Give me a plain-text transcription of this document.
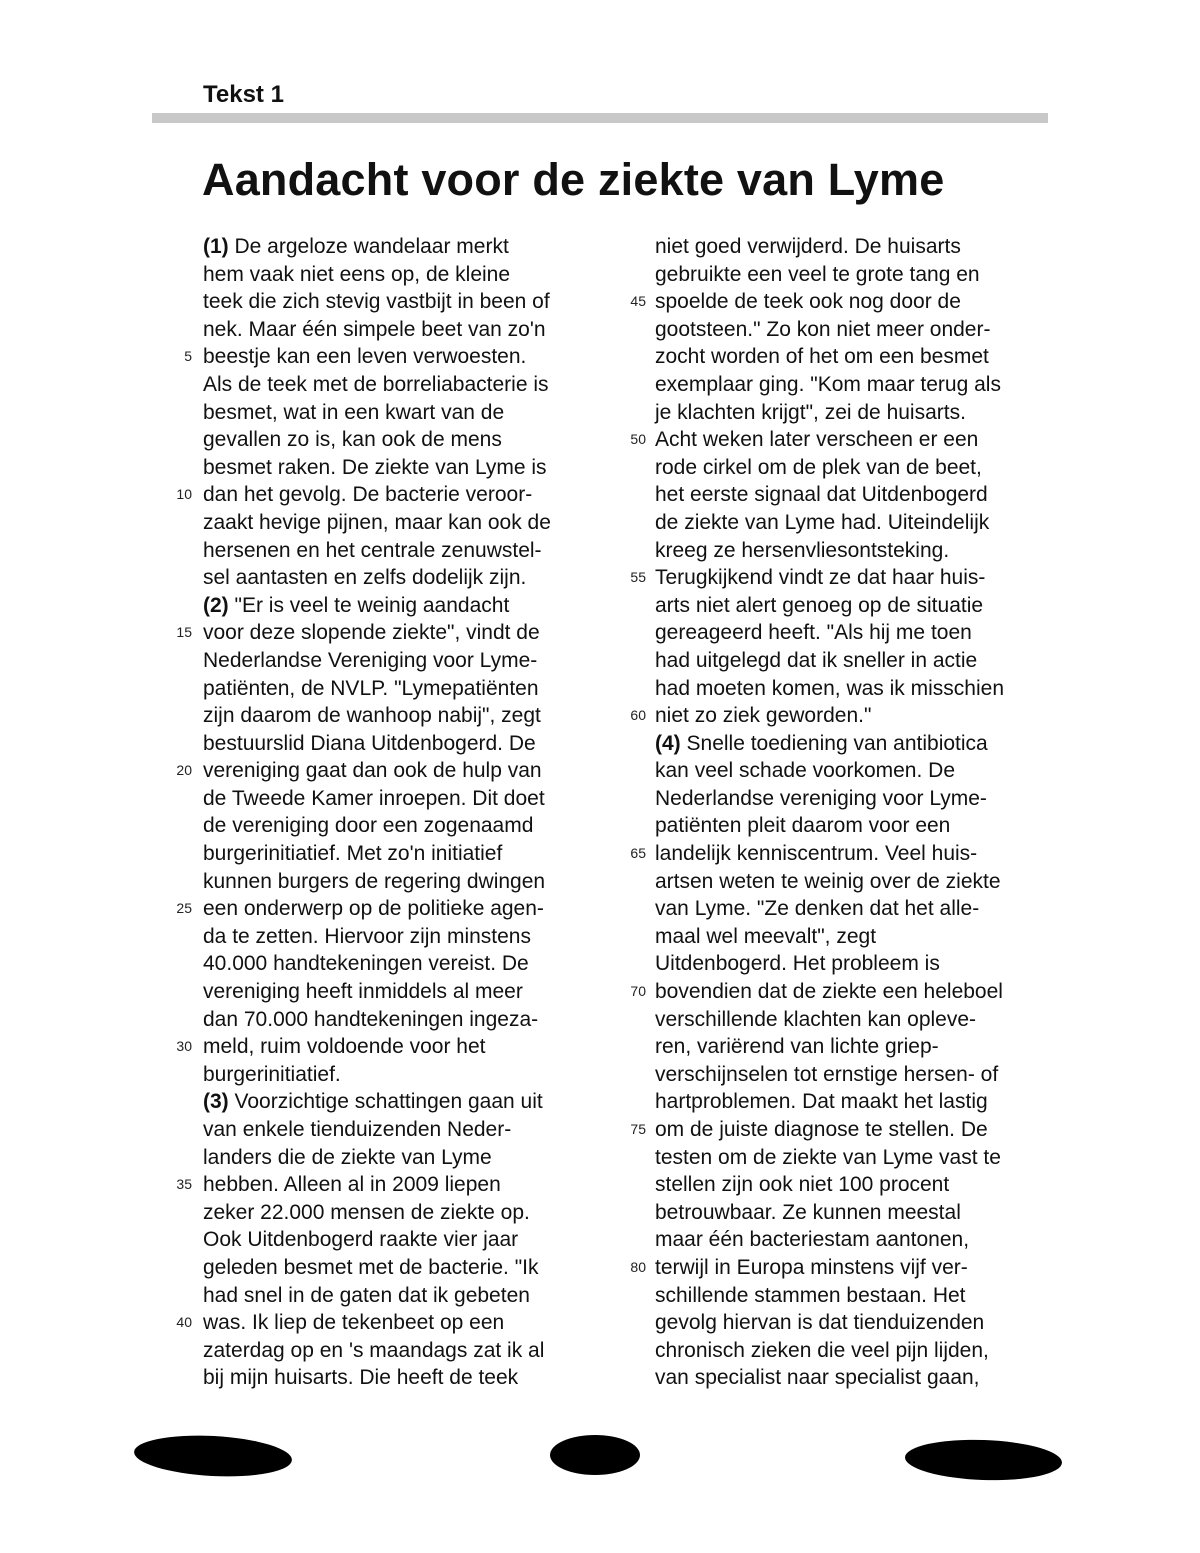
Tekst 1
Aandacht voor de ziekte van Lyme
(1) De argeloze wandelaar merkt
hem vaak niet eens op, de kleine
teek die zich stevig vastbijt in been of
nek. Maar één simpele beet van zo'n
5 beestje kan een leven verwoesten.
Als de teek met de borreliabacterie is
besmet, wat in een kwart van de
gevallen zo is, kan ook de mens
besmet raken. De ziekte van Lyme is
10 dan het gevolg. De bacterie veroor-
zaakt hevige pijnen, maar kan ook de
hersenen en het centrale zenuwstel-
sel aantasten en zelfs dodelijk zijn.
(2) "Er is veel te weinig aandacht
15 voor deze slopende ziekte", vindt de
Nederlandse Vereniging voor Lyme-
patiënten, de NVLP. "Lymepatiënten
zijn daarom de wanhoop nabij", zegt
bestuurslid Diana Uitdenbogerd. De
20 vereniging gaat dan ook de hulp van
de Tweede Kamer inroepen. Dit doet
de vereniging door een zogenaamd
burgerinitiatief. Met zo'n initiatief
kunnen burgers de regering dwingen
25 een onderwerp op de politieke agen-
da te zetten. Hiervoor zijn minstens
40.000 handtekeningen vereist. De
vereniging heeft inmiddels al meer
dan 70.000 handtekeningen ingeza-
30 meld, ruim voldoende voor het
burgerinitiatief.
(3) Voorzichtige schattingen gaan uit
van enkele tienduizenden Neder-
landers die de ziekte van Lyme
35 hebben. Alleen al in 2009 liepen
zeker 22.000 mensen de ziekte op.
Ook Uitdenbogerd raakte vier jaar
geleden besmet met de bacterie. "Ik
had snel in de gaten dat ik gebeten
40 was. Ik liep de tekenbeet op een
zaterdag op en 's maandags zat ik al
bij mijn huisarts. Die heeft de teek
niet goed verwijderd. De huisarts
gebruikte een veel te grote tang en
45 spoelde de teek ook nog door de
gootsteen." Zo kon niet meer onder-
zocht worden of het om een besmet
exemplaar ging. "Kom maar terug als
je klachten krijgt", zei de huisarts.
50 Acht weken later verscheen er een
rode cirkel om de plek van de beet,
het eerste signaal dat Uitdenbogerd
de ziekte van Lyme had. Uiteindelijk
kreeg ze hersenvliesontsteking.
55 Terugkijkend vindt ze dat haar huis-
arts niet alert genoeg op de situatie
gereageerd heeft. "Als hij me toen
had uitgelegd dat ik sneller in actie
had moeten komen, was ik misschien
60 niet zo ziek geworden."
(4) Snelle toediening van antibiotica
kan veel schade voorkomen. De
Nederlandse vereniging voor Lyme-
patiënten pleit daarom voor een
65 landelijk kenniscentrum. Veel huis-
artsen weten te weinig over de ziekte
van Lyme. "Ze denken dat het alle-
maal wel meevalt", zegt
Uitdenbogerd. Het probleem is
70 bovendien dat de ziekte een heleboel
verschillende klachten kan opleve-
ren, variërend van lichte griep-
verschijnselen tot ernstige hersen- of
hartproblemen. Dat maakt het lastig
75 om de juiste diagnose te stellen. De
testen om de ziekte van Lyme vast te
stellen zijn ook niet 100 procent
betrouwbaar. Ze kunnen meestal
maar één bacteriestam aantonen,
80 terwijl in Europa minstens vijf ver-
schillende stammen bestaan. Het
gevolg hiervan is dat tienduizenden
chronisch zieken die veel pijn lijden,
van specialist naar specialist gaan,
